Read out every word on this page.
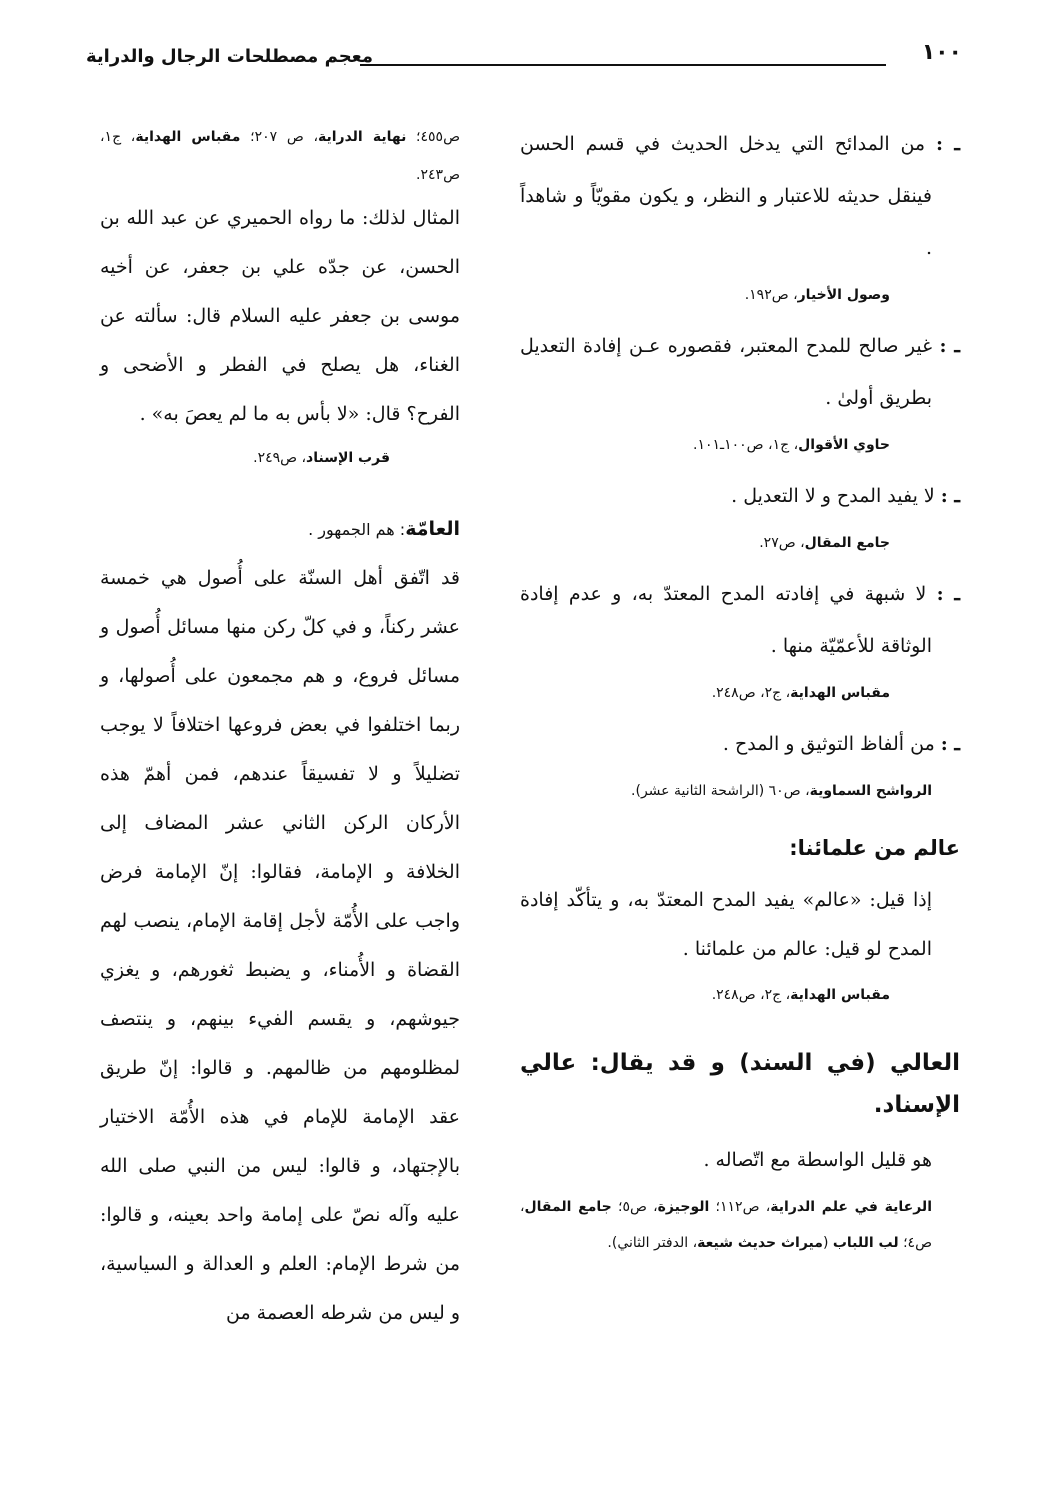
١٠٠
معجم مصطلحات الرجال والدراية

ـ : من المدائح التي يدخل الحديث في قسم الحسن فينقل حديثه للاعتبار و النظر، و يكون مقويّاً و شاهداً .

وصول الأخيار، ص١٩٢.

ـ : غير صالح للمدح المعتبر، فقصوره عـن إفادة التعديل بطريق أولىٰ .

حاوي الأقوال، ج١، ص١٠٠ـ١٠١.

ـ : لا يفيد المدح و لا التعديل .

جامع المقال، ص٢٧.

ـ : لا شبهة في إفادته المدح المعتدّ به، و عدم إفادة الوثاقة للأعمّيّة منها .

مقباس الهداية، ج٢، ص٢٤٨.

ـ : من ألفاظ التوثيق و المدح .

الرواشح السماوية، ص٦٠ (الراشحة الثانية عشر).

عالم من علمائنا:

إذا قيل: «عالم» يفيد المدح المعتدّ به، و يتأكّد إفادة المدح لو قيل: عالم من علمائنا .

مقباس الهداية، ج٢، ص٢٤٨.

العالي (في السند) و قد يقال: عالي الإسناد.

هو قليل الواسطة مع اتّصاله .

الرعاية في علم الدراية، ص١١٢؛ الوجيزة، ص٥؛ جامع المقال، ص٤؛ لب اللباب (ميراث حديث شيعة، الدفتر الثاني).

ص٤٥٥؛ نهاية الدراية، ص ٢٠٧؛ مقباس الهداية، ج١، ص٢٤٣.

المثال لذلك: ما رواه الحميري عن عبد الله بن الحسن، عن جدّه علي بن جعفر، عن أخيه موسى بن جعفر عليه السلام قال: سألته عن الغناء، هل يصلح في الفطر و الأضحى و الفرح؟ قال: «لا بأس به ما لم يعصَ به» .

قرب الإسناد، ص٢٤٩.

العامّة: هم الجمهور .

قد اتّفق أهل السنّة على أُصول هي خمسة عشر ركناً، و في كلّ ركن منها مسائل أُصول و مسائل فروع، و هم مجمعون على أُصولها، و ربما اختلفوا في بعض فروعها اختلافاً لا يوجب تضليلاً و لا تفسيقاً عندهم، فمن أهمّ هذه الأركان الركن الثاني عشر المضاف إلى الخلافة و الإمامة، فقالوا: إنّ الإمامة فرض واجب على الأُمّة لأجل إقامة الإمام، ينصب لهم القضاة و الأُمناء، و يضبط ثغورهم، و يغزي جيوشهم، و يقسم الفيء بينهم، و ينتصف لمظلومهم من ظالمهم. و قالوا: إنّ طريق عقد الإمامة للإمام في هذه الأُمّة الاختيار بالإجتهاد، و قالوا: ليس من النبي صلى الله عليه وآله نصّ على إمامة واحد بعينه، و قالوا: من شرط الإمام: العلم و العدالة و السياسية، و ليس من شرطه العصمة من
